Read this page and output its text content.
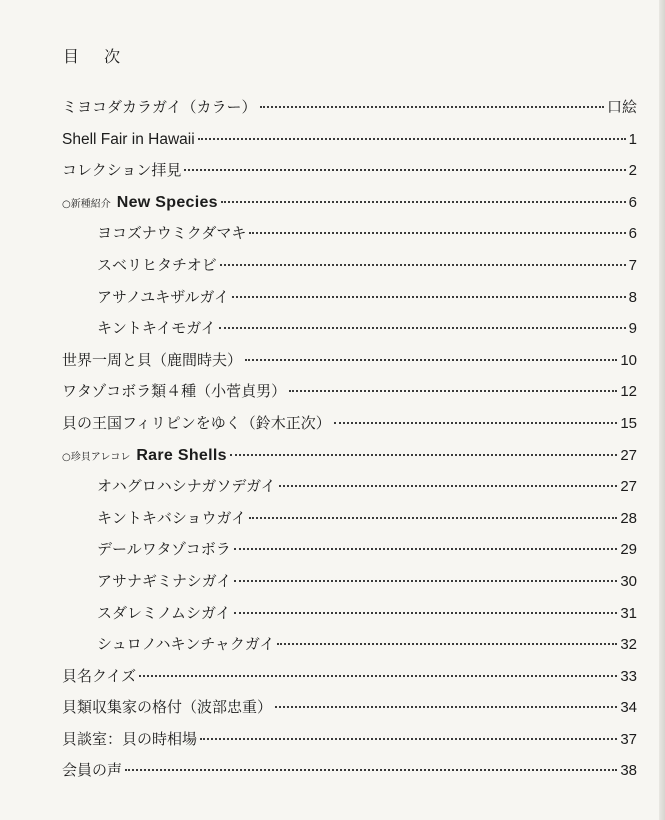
目 次
ミヨコダカラガイ（カラー）	口絵
Shell Fair in Hawaii	1
コレクション拝見	2
○新種紹介 New Species	6
ヨコズナウミクダマキ	6
スベリヒタチオビ	7
アサノユキザルガイ	8
キントキイモガイ	9
世界一周と貝（鹿間時夫）	10
ワタゾコボラ類４種（小菅貞男）	12
貝の王国フィリピンをゆく（鈴木正次）	15
○珍貝アレコレ Rare Shells	27
オハグロハシナガソデガイ	27
キントキバショウガイ	28
デールワタゾコボラ	29
アサナギミナシガイ	30
スダレミノムシガイ	31
シュロノハキンチャクガイ	32
貝名クイズ	33
貝類収集家の格付（波部忠重）	34
貝談室：貝の時相場	37
会員の声	38
